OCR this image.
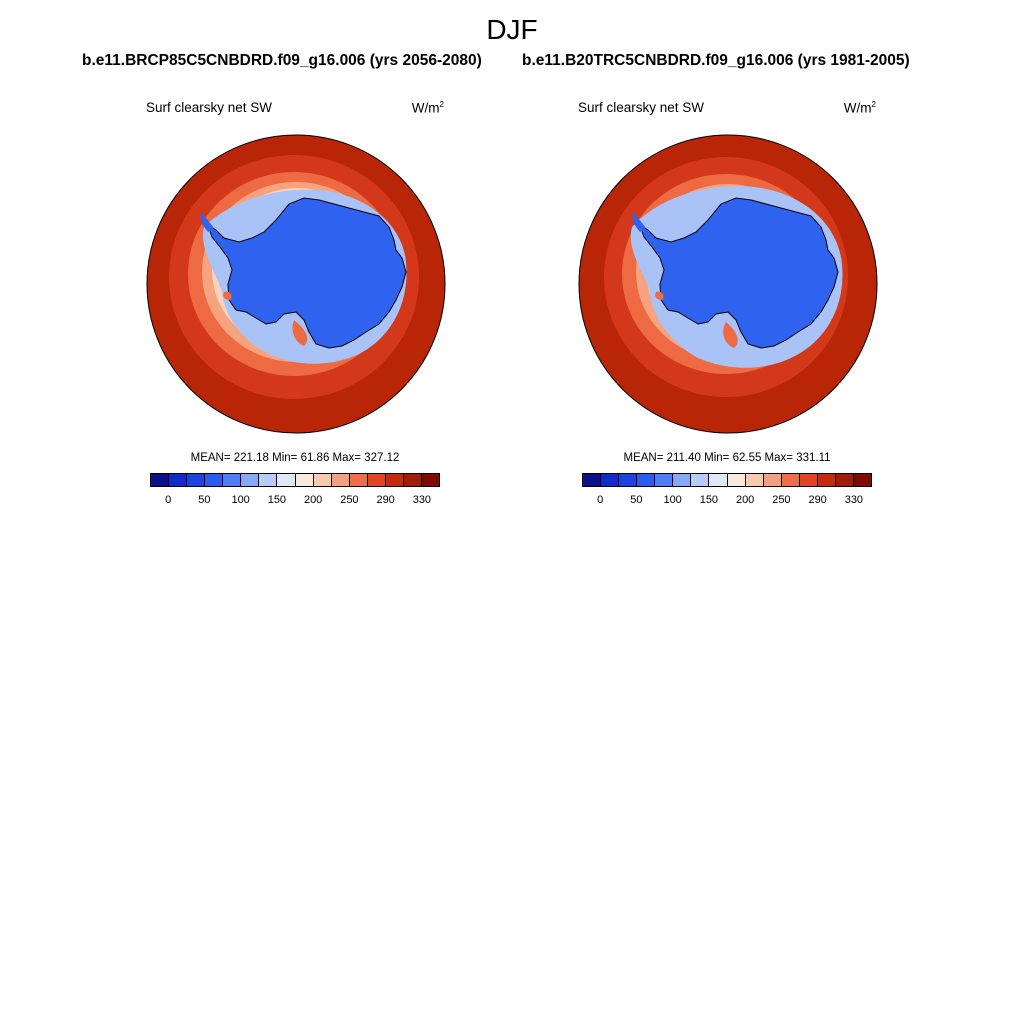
DJF
b.e11.BRCP85C5CNBDRD.f09_g16.006 (yrs 2056-2080)	b.e11.B20TRC5CNBDRD.f09_g16.006 (yrs 1981-2005)
Surf clearsky net SW	$W/m^2$
MEAN= 221.18 Min= 61.86 Max= 327.12
0 50 100 150 200 250 290 330
Surf clearsky net SW	$W/m^2$
MEAN= 211.40 Min= 62.55 Max= 331.11
0 50 100 150 200 250 290 330
